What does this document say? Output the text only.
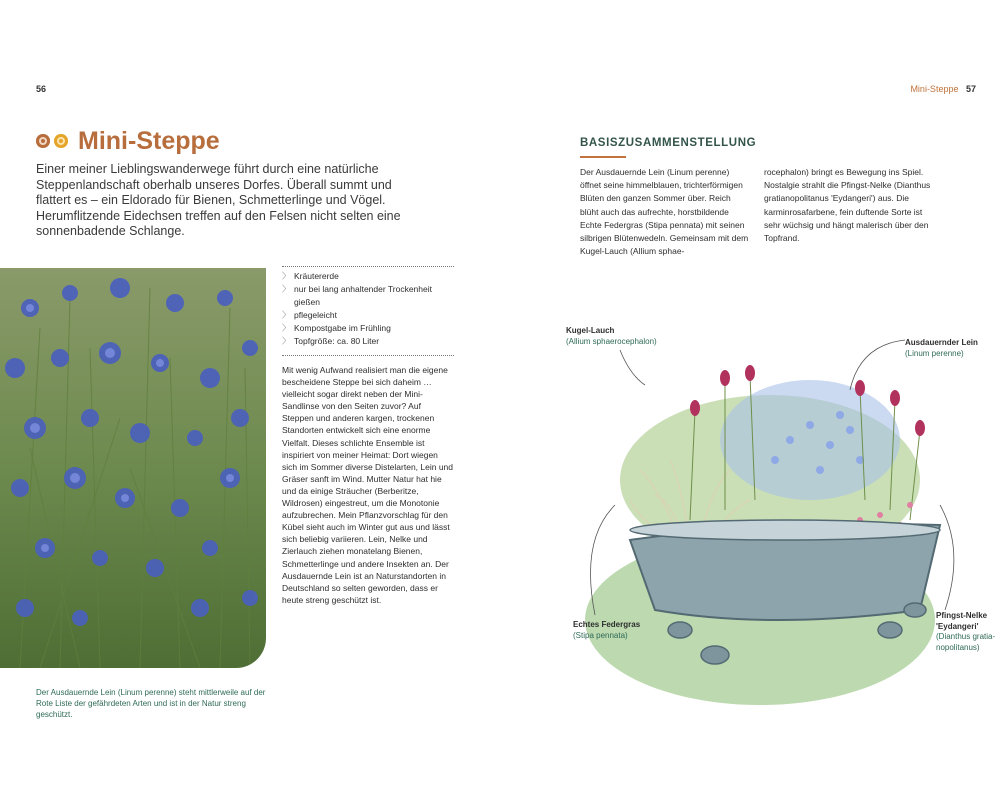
56
Mini-Steppe

Einer meiner Lieblingswanderwege führt durch eine natürliche Steppenlandschaft oberhalb unseres Dorfes. Überall summt und flattert es – ein Eldorado für Bienen, Schmetterlinge und Vögel. Herumflitzende Eidechsen treffen auf den Felsen nicht selten eine sonnenbadende Schlange.

Der Ausdauernde Lein (Linum perenne) steht mittlerweile auf der Rote Liste der gefährdeten Arten und ist in der Natur streng geschützt.
〉 Kräutererde
〉 nur bei lang anhaltender Trockenheit gießen
〉 pflegeleicht
〉 Kompostgabe im Frühling
〉 Topfgröße: ca. 80 Liter

Mit wenig Aufwand realisiert man die eigene bescheidene Steppe bei sich daheim … vielleicht sogar direkt neben der Mini-Sandlinse von den Seiten zuvor? Auf Steppen und anderen kargen, trockenen Standorten entwickelt sich eine enorme Vielfalt. Dieses schlichte Ensemble ist inspiriert von meiner Heimat: Dort wiegen sich im Sommer diverse Distelarten, Lein und Gräser sanft im Wind. Mutter Natur hat hie und da einige Sträucher (Berberitze, Wildrosen) eingestreut, um die Monotonie aufzubrechen. Mein Pflanzvorschlag für den Kübel sieht auch im Winter gut aus und lässt sich beliebig variieren. Lein, Nelke und Zierlauch ziehen monatelang Bienen, Schmetterlinge und andere Insekten an. Der Ausdauernde Lein ist an Naturstandorten in Deutschland so selten geworden, dass er heute streng geschützt ist.

Mini-Steppe 57
BASISZUSAMMENSTELLUNG

Der Ausdauernde Lein (Linum perenne) öffnet seine himmelblauen, trichterförmigen Blüten den ganzen Sommer über. Reich blüht auch das aufrechte, horstbildende Echte Federgras (Stipa pennata) mit seinen silbrigen Blütenwedeln. Gemeinsam mit dem Kugel-Lauch (Allium sphae-

rocephalon) bringt es Bewegung ins Spiel. Nostalgie strahlt die Pfingst-Nelke (Dianthus gratianopolitanus 'Eydangeri') aus. Die karminrosafarbene, fein duftende Sorte ist sehr wüchsig und hängt malerisch über den Topfrand.

Kugel-Lauch
(Allium sphaerocephalon)	Ausdauernder Lein
(Linum perenne)
Echtes Federgras
(Stipa pennata)
Pfingst-Nelke
'Eydangeri'
(Dianthus gratia-
nopolitanus)
